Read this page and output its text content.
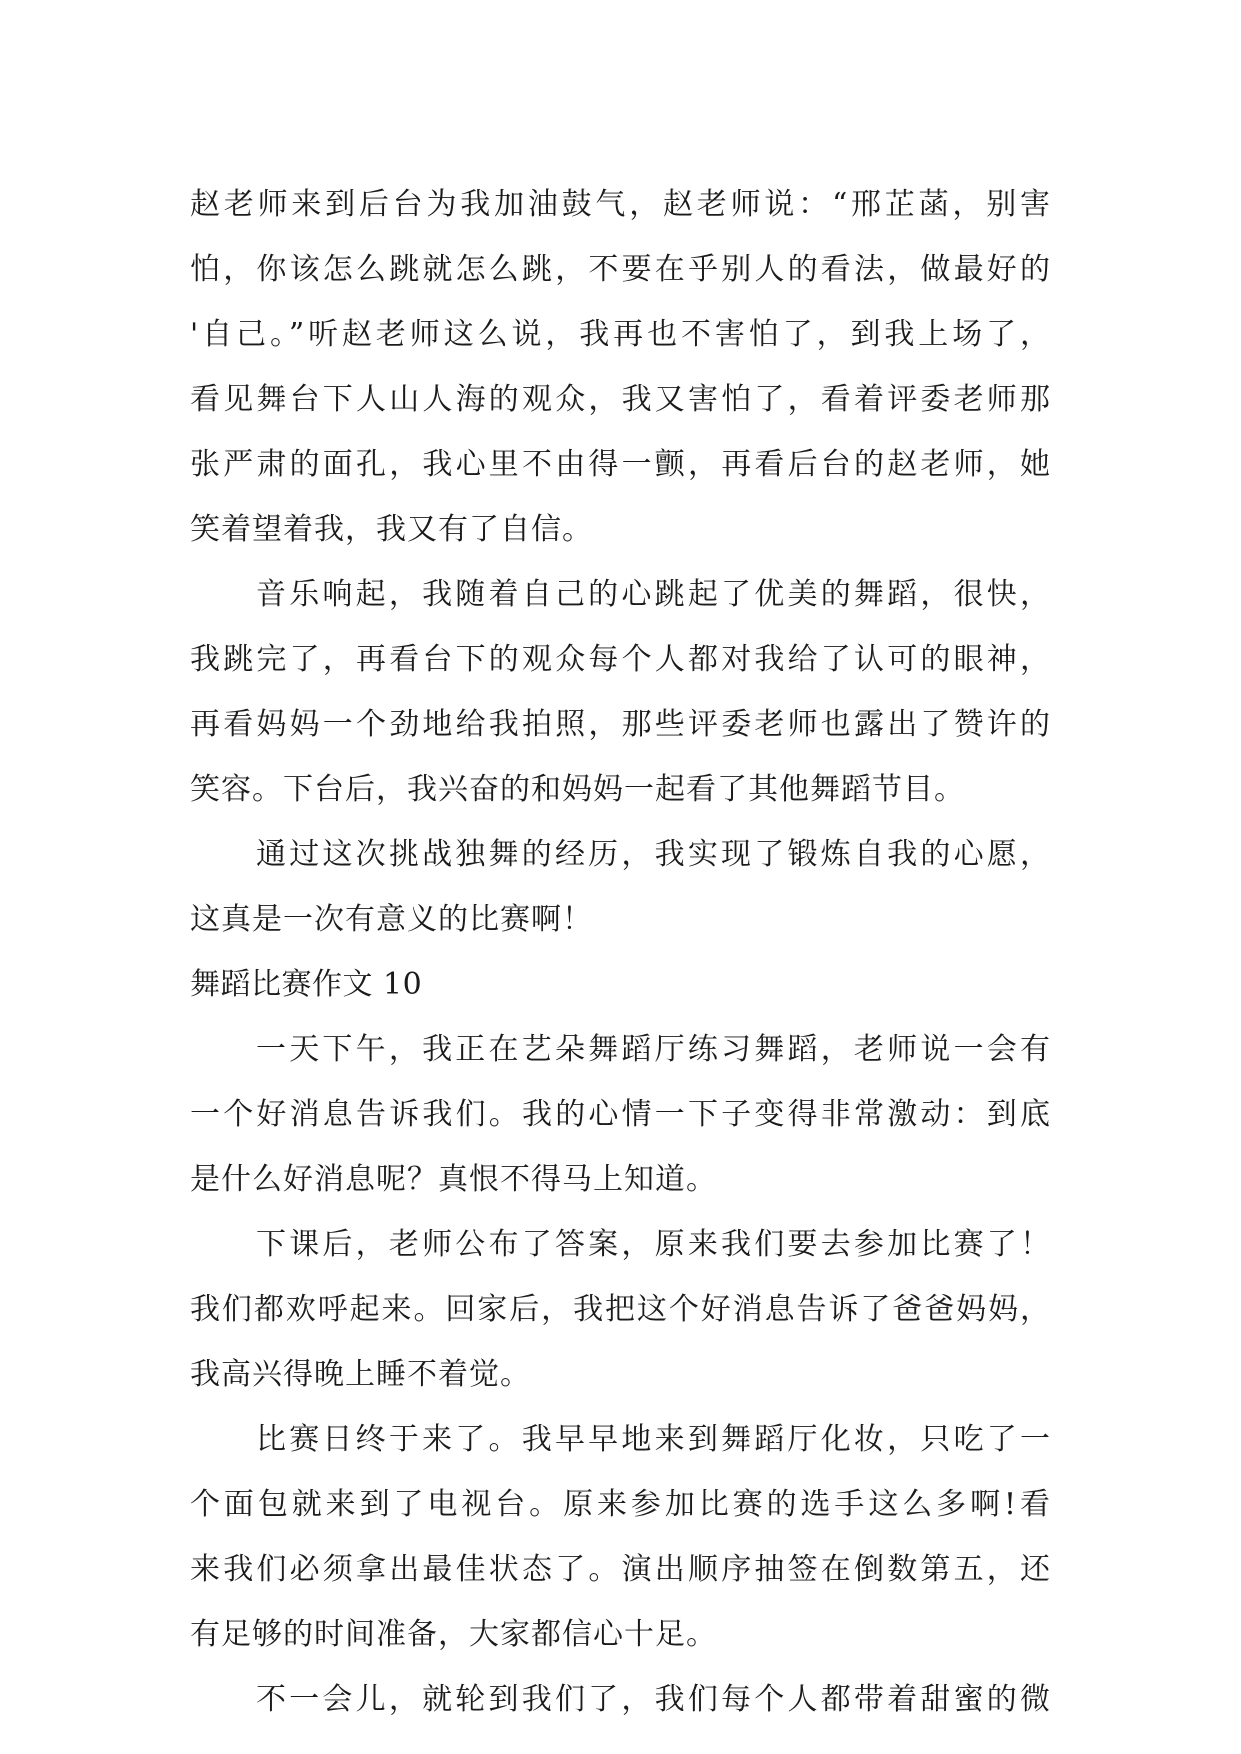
赵老师来到后台为我加油鼓气，赵老师说：“邢芷菡，别害
怕，你该怎么跳就怎么跳，不要在乎别人的看法，做最好的
'自己。”听赵老师这么说，我再也不害怕了，到我上场了，
看见舞台下人山人海的观众，我又害怕了，看着评委老师那
张严肃的面孔，我心里不由得一颤，再看后台的赵老师，她
笑着望着我，我又有了自信。
音乐响起，我随着自己的心跳起了优美的舞蹈，很快，
我跳完了，再看台下的观众每个人都对我给了认可的眼神，
再看妈妈一个劲地给我拍照，那些评委老师也露出了赞许的
笑容。下台后，我兴奋的和妈妈一起看了其他舞蹈节目。
通过这次挑战独舞的经历，我实现了锻炼自我的心愿，
这真是一次有意义的比赛啊！
舞蹈比赛作文 10
一天下午，我正在艺朵舞蹈厅练习舞蹈，老师说一会有
一个好消息告诉我们。我的心情一下子变得非常激动：到底
是什么好消息呢？真恨不得马上知道。
下课后，老师公布了答案，原来我们要去参加比赛了！
我们都欢呼起来。回家后，我把这个好消息告诉了爸爸妈妈，
我高兴得晚上睡不着觉。
比赛日终于来了。我早早地来到舞蹈厅化妆，只吃了一
个面包就来到了电视台。原来参加比赛的选手这么多啊!看
来我们必须拿出最佳状态了。演出顺序抽签在倒数第五，还
有足够的时间准备，大家都信心十足。
不一会儿，就轮到我们了，我们每个人都带着甜蜜的微
